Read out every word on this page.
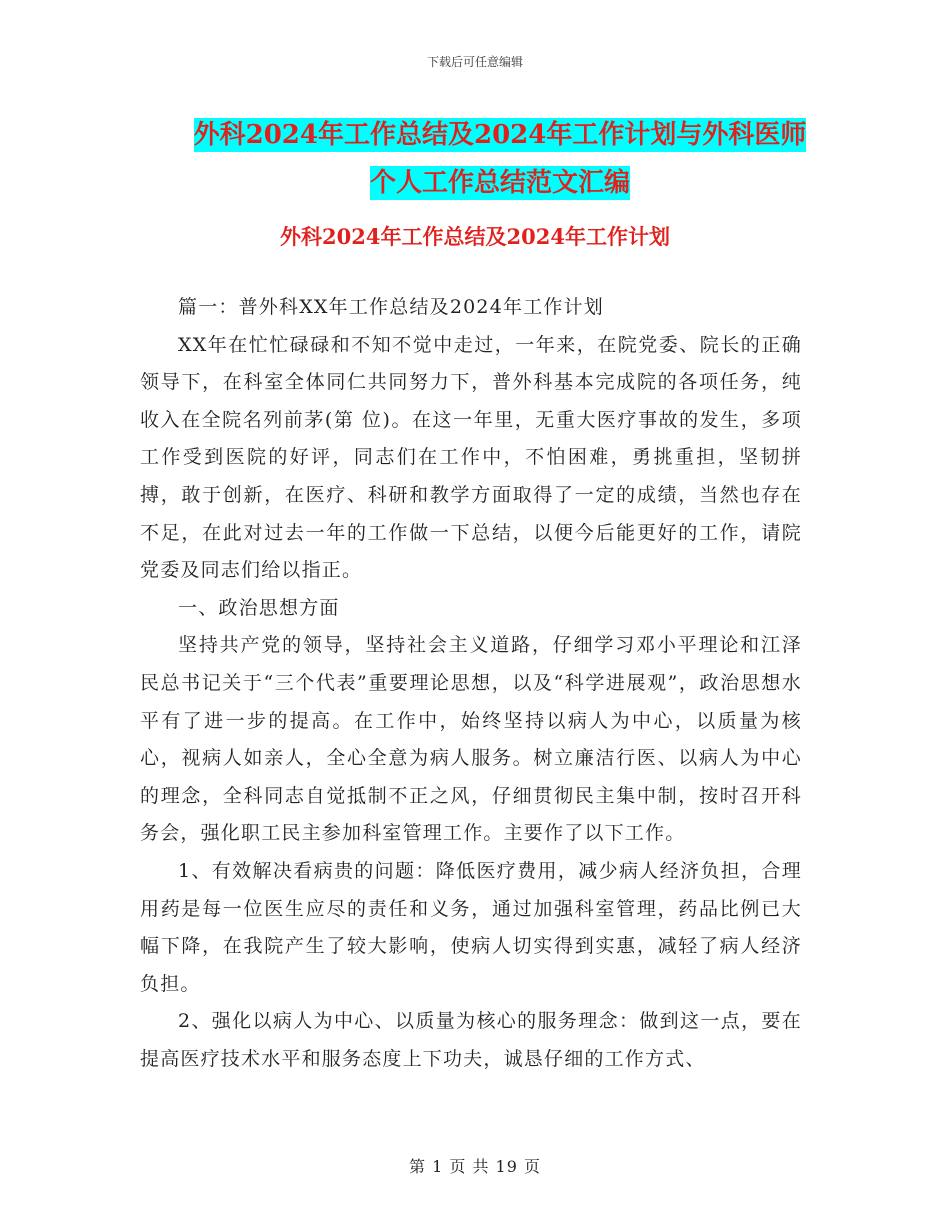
下载后可任意编辑
外科2024年工作总结及2024年工作计划与外科医师
个人工作总结范文汇编
外科2024年工作总结及2024年工作计划

篇一：普外科XX年工作总结及2024年工作计划

XX年在忙忙碌碌和不知不觉中走过，一年来，在院党委、院长的正确领导下，在科室全体同仁共同努力下，普外科基本完成院的各项任务，纯收入在全院名列前茅(第 位)。在这一年里，无重大医疗事故的发生，多项工作受到医院的好评，同志们在工作中，不怕困难，勇挑重担，坚韧拼搏，敢于创新，在医疗、科研和教学方面取得了一定的成绩，当然也存在不足，在此对过去一年的工作做一下总结，以便今后能更好的工作，请院党委及同志们给以指正。

一、政治思想方面

坚持共产党的领导，坚持社会主义道路，仔细学习邓小平理论和江泽民总书记关于“三个代表”重要理论思想，以及“科学进展观”，政治思想水平有了进一步的提高。在工作中，始终坚持以病人为中心，以质量为核心，视病人如亲人，全心全意为病人服务。树立廉洁行医、以病人为中心的理念，全科同志自觉抵制不正之风，仔细贯彻民主集中制，按时召开科务会，强化职工民主参加科室管理工作。主要作了以下工作。

1、有效解决看病贵的问题：降低医疗费用，减少病人经济负担，合理用药是每一位医生应尽的责任和义务，通过加强科室管理，药品比例已大幅下降，在我院产生了较大影响，使病人切实得到实惠，减轻了病人经济负担。

2、强化以病人为中心、以质量为核心的服务理念：做到这一点，要在提高医疗技术水平和服务态度上下功夫，诚恳仔细的工作方式、

第 1 页 共 19 页
